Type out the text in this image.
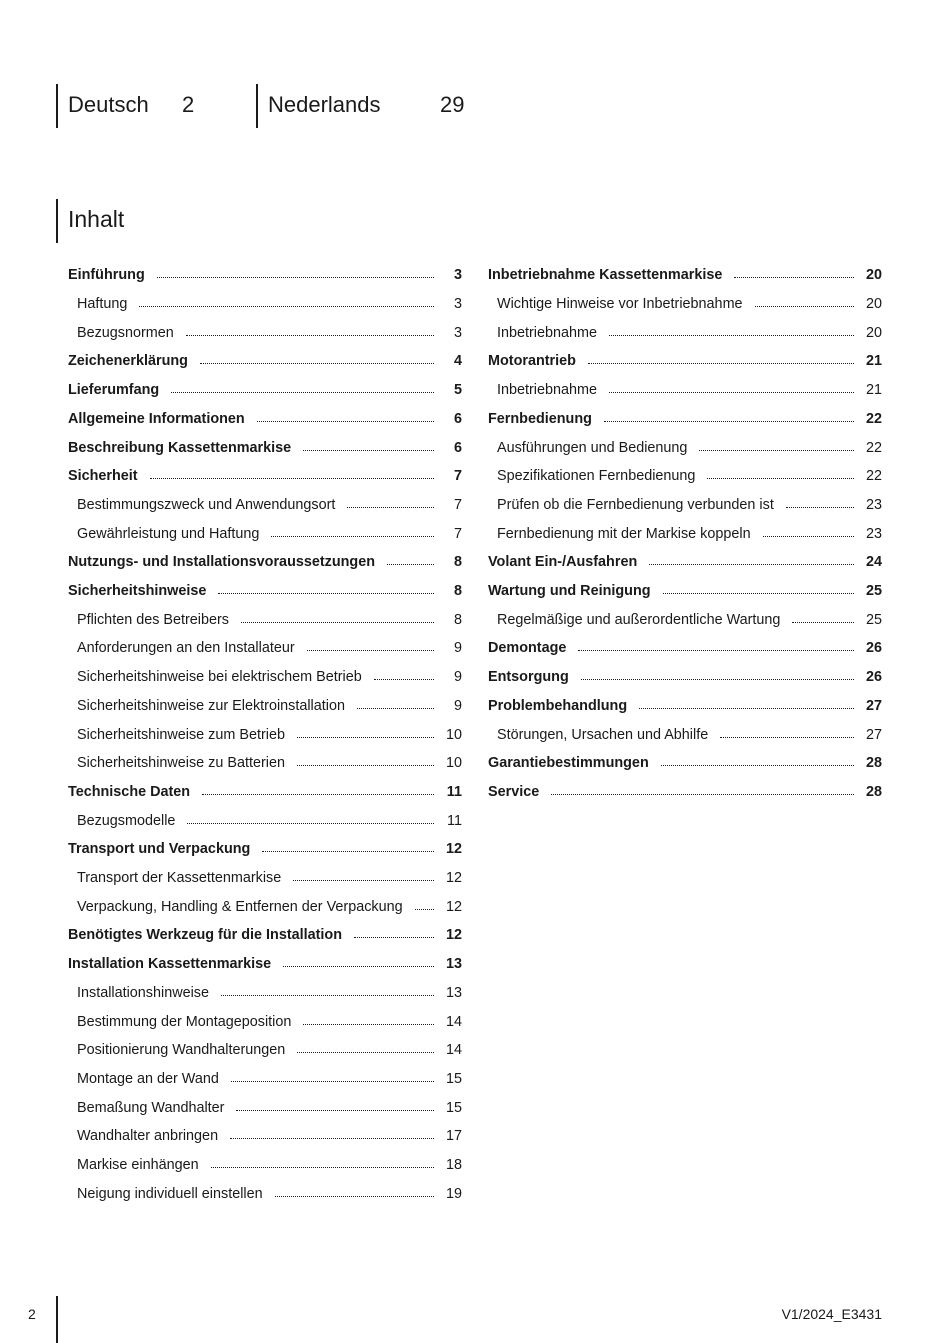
Deutsch 2	Nederlands	29
Inhalt
Einführung	3
Haftung	3
Bezugsnormen	3
Zeichenerklärung	4
Lieferumfang	5
Allgemeine Informationen	6
Beschreibung Kassettenmarkise	6
Sicherheit	7
Bestimmungszweck und Anwendungsort	7
Gewährleistung und Haftung	7
Nutzungs- und Installationsvoraussetzungen	8
Sicherheitshinweise	8
Pflichten des Betreibers	8
Anforderungen an den Installateur	9
Sicherheitshinweise bei elektrischem Betrieb	9
Sicherheitshinweise zur Elektroinstallation	9
Sicherheitshinweise zum Betrieb	10
Sicherheitshinweise zu Batterien	10
Technische Daten	11
Bezugsmodelle	11
Transport und Verpackung	12
Transport der Kassettenmarkise	12
Verpackung, Handling & Entfernen der Verpackung	12
Benötigtes Werkzeug für die Installation	12
Installation Kassettenmarkise	13
Installationshinweise	13
Bestimmung der Montageposition	14
Positionierung Wandhalterungen	14
Montage an der Wand	15
Bemaßung Wandhalter	15
Wandhalter anbringen	17
Markise einhängen	18
Neigung individuell einstellen	19
Inbetriebnahme Kassettenmarkise	20
Wichtige Hinweise vor Inbetriebnahme	20
Inbetriebnahme	20
Motorantrieb	21
Inbetriebnahme	21
Fernbedienung	22
Ausführungen und Bedienung	22
Spezifikationen Fernbedienung	22
Prüfen ob die Fernbedienung verbunden ist	23
Fernbedienung mit der Markise koppeln	23
Volant Ein-/Ausfahren	24
Wartung und Reinigung	25
Regelmäßige und außerordentliche Wartung	25
Demontage	26
Entsorgung	26
Problembehandlung	27
Störungen, Ursachen und Abhilfe	27
Garantiebestimmungen	28
Service	28
2	V1/2024_E3431
